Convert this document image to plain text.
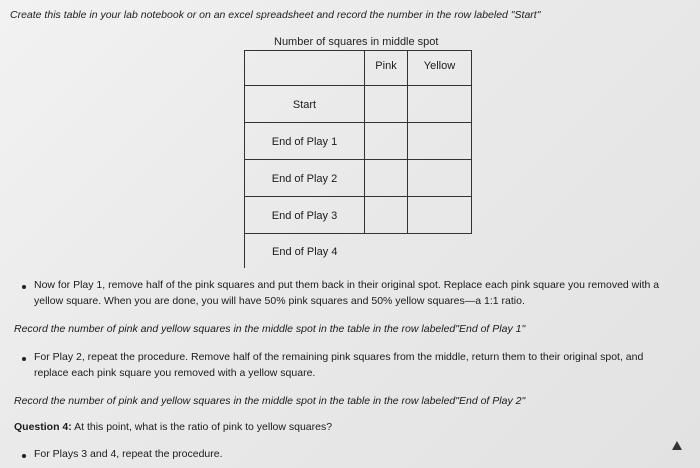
Create this table in your lab notebook or on an excel spreadsheet and record the number in the row labeled "Start"
Number of squares in middle spot
	Pink	Yellow
Start		
End of Play 1		
End of Play 2		
End of Play 3		
End of Play 4		
Now for Play 1, remove half of the pink squares and put them back in their original spot. Replace each pink square you removed with a
yellow square. When you are done, you will have 50% pink squares and 50% yellow squares—a 1:1 ratio.
Record the number of pink and yellow squares in the middle spot in the table in the row labeled"End of Play 1"
For Play 2, repeat the procedure. Remove half of the remaining pink squares from the middle, return them to their original spot, and
replace each pink square you removed with a yellow square.
Record the number of pink and yellow squares in the middle spot in the table in the row labeled"End of Play 2"
Question 4: At this point, what is the ratio of pink to yellow squares?
For Plays 3 and 4, repeat the procedure.
